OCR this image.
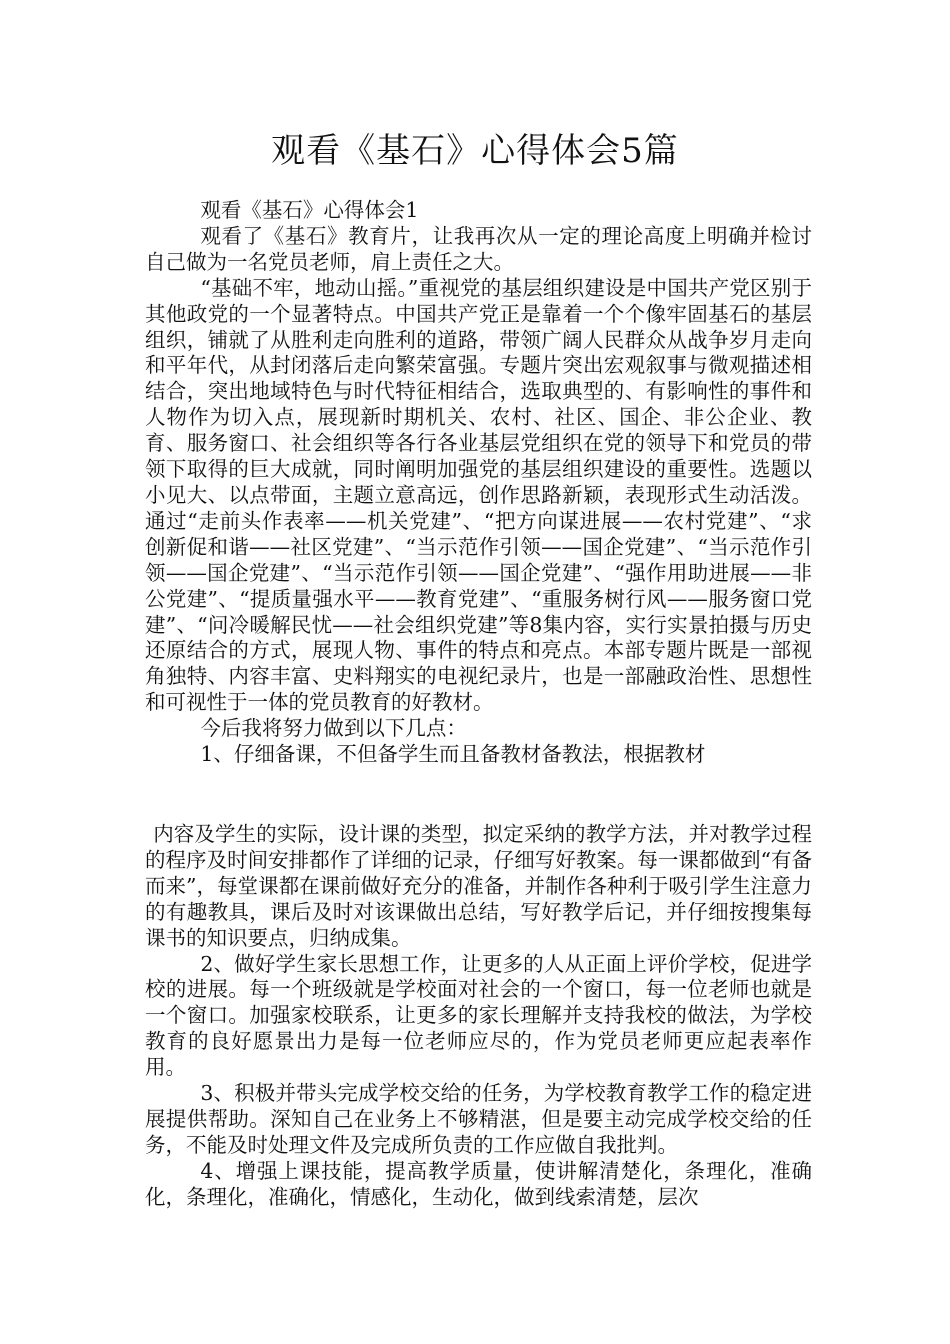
观看《基石》心得体会5篇

观看《基石》心得体会1

观看了《基石》教育片，让我再次从一定的理论高度上明确并检讨自己做为一名党员老师，肩上责任之大。

“基础不牢，地动山摇。”重视党的基层组织建设是中国共产党区别于其他政党的一个显著特点。中国共产党正是靠着一个个像牢固基石的基层组织，铺就了从胜利走向胜利的道路，带领广阔人民群众从战争岁月走向和平年代，从封闭落后走向繁荣富强。专题片突出宏观叙事与微观描述相结合，突出地域特色与时代特征相结合，选取典型的、有影响性的事件和人物作为切入点，展现新时期机关、农村、社区、国企、非公企业、教育、服务窗口、社会组织等各行各业基层党组织在党的领导下和党员的带领下取得的巨大成就，同时阐明加强党的基层组织建设的重要性。选题以小见大、以点带面，主题立意高远，创作思路新颖，表现形式生动活泼。通过“走前头作表率——机关党建”、“把方向谋进展——农村党建”、“求创新促和谐——社区党建”、“当示范作引领——国企党建”、“当示范作引领——国企党建”、“当示范作引领——国企党建”、“强作用助进展——非公党建”、“提质量强水平——教育党建”、“重服务树行风——服务窗口党建”、“问冷暖解民忧——社会组织党建”等8集内容，实行实景拍摄与历史还原结合的方式，展现人物、事件的特点和亮点。本部专题片既是一部视角独特、内容丰富、史料翔实的电视纪录片，也是一部融政治性、思想性和可视性于一体的党员教育的好教材。

今后我将努力做到以下几点：

1、仔细备课，不但备学生而且备教材备教法，根据教材

内容及学生的实际，设计课的类型，拟定采纳的教学方法，并对教学过程的程序及时间安排都作了详细的记录，仔细写好教案。每一课都做到“有备而来”，每堂课都在课前做好充分的准备，并制作各种利于吸引学生注意力的有趣教具，课后及时对该课做出总结，写好教学后记，并仔细按搜集每课书的知识要点，归纳成集。

2、做好学生家长思想工作，让更多的人从正面上评价学校，促进学校的进展。每一个班级就是学校面对社会的一个窗口，每一位老师也就是一个窗口。加强家校联系，让更多的家长理解并支持我校的做法，为学校教育的良好愿景出力是每一位老师应尽的，作为党员老师更应起表率作用。

3、积极并带头完成学校交给的任务，为学校教育教学工作的稳定进展提供帮助。深知自己在业务上不够精湛，但是要主动完成学校交给的任务，不能及时处理文件及完成所负责的工作应做自我批判。

4、增强上课技能，提高教学质量，使讲解清楚化，条理化，准确化，条理化，准确化，情感化，生动化，做到线索清楚，层次
